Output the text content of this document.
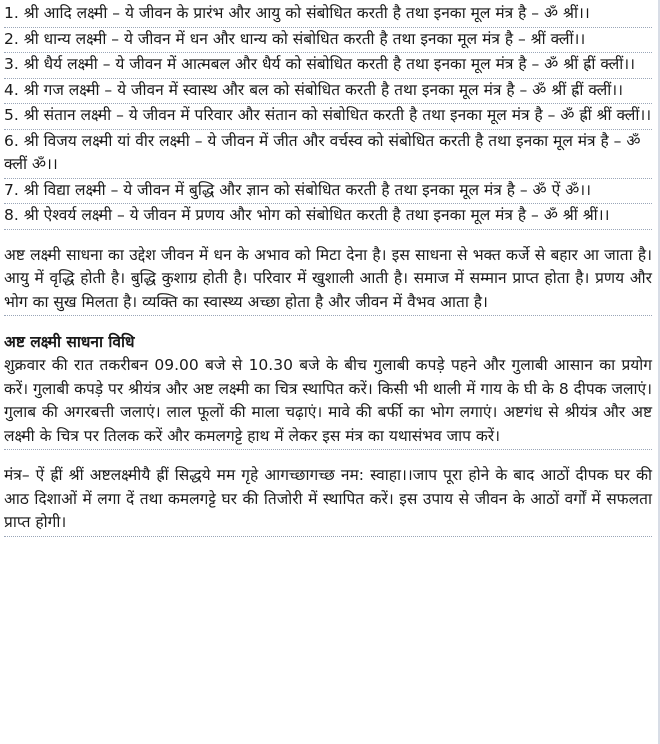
1. श्री आदि लक्ष्मी – ये जीवन के प्रारंभ और आयु को संबोधित करती है तथा इनका मूल मंत्र है – ॐ श्रीं।।

2. श्री धान्य लक्ष्मी – ये जीवन में धन और धान्य को संबोधित करती है तथा इनका मूल मंत्र है – श्रीं क्लीं।।

3. श्री धैर्य लक्ष्मी – ये जीवन में आत्मबल और धैर्य को संबोधित करती है तथा इनका मूल मंत्र है – ॐ श्रीं ह्रीं क्लीं।।

4. श्री गज लक्ष्मी – ये जीवन में स्वास्थ और बल को संबोधित करती है तथा इनका मूल मंत्र है – ॐ श्रीं ह्रीं क्लीं।।

5. श्री संतान लक्ष्मी – ये जीवन में परिवार और संतान को संबोधित करती है तथा इनका मूल मंत्र है – ॐ ह्रीं श्रीं क्लीं।।

6. श्री विजय लक्ष्मी यां वीर लक्ष्मी – ये जीवन में जीत और वर्चस्व को संबोधित करती है तथा इनका मूल मंत्र है – ॐ क्लीं ॐ।।

7. श्री विद्या लक्ष्मी – ये जीवन में बुद्धि और ज्ञान को संबोधित करती है तथा इनका मूल मंत्र है – ॐ ऐं ॐ।।

8. श्री ऐश्वर्य लक्ष्मी – ये जीवन में प्रणय और भोग को संबोधित करती है तथा इनका मूल मंत्र है – ॐ श्रीं श्रीं।।

अष्ट लक्ष्मी साधना का उद्देश जीवन में धन के अभाव को मिटा देना है। इस साधना से भक्त कर्जे से बहार आ जाता है। आयु में वृद्धि होती है। बुद्धि कुशाग्र होती है। परिवार में खुशाली आती है। समाज में सम्मान प्राप्त होता है। प्रणय और भोग का सुख मिलता है। व्यक्ति का स्वास्थ्य अच्छा होता है और जीवन में वैभव आता है।

अष्ट लक्ष्मी साधना विधि

शुक्रवार की रात तकरीबन 09.00 बजे से 10.30 बजे के बीच गुलाबी कपड़े पहने और गुलाबी आसान का प्रयोग करें। गुलाबी कपड़े पर श्रीयंत्र और अष्ट लक्ष्मी का चित्र स्थापित करें। किसी भी थाली में गाय के घी के 8 दीपक जलाएं। गुलाब की अगरबत्ती जलाएं। लाल फूलों की माला चढ़ाएं। मावे की बर्फी का भोग लगाएं। अष्टगंध से श्रीयंत्र और अष्ट लक्ष्मी के चित्र पर तिलक करें और कमलगट्टे हाथ में लेकर इस मंत्र का यथासंभव जाप करें।

मंत्र– ऐं ह्रीं श्रीं अष्टलक्ष्मीयै ह्रीं सिद्धये मम गृहे आगच्छागच्छ नम: स्वाहा।।जाप पूरा होने के बाद आठों दीपक घर की आठ दिशाओं में लगा दें तथा कमलगट्टे घर की तिजोरी में स्थापित करें। इस उपाय से जीवन के आठों वर्गों में सफलता प्राप्त होगी।
